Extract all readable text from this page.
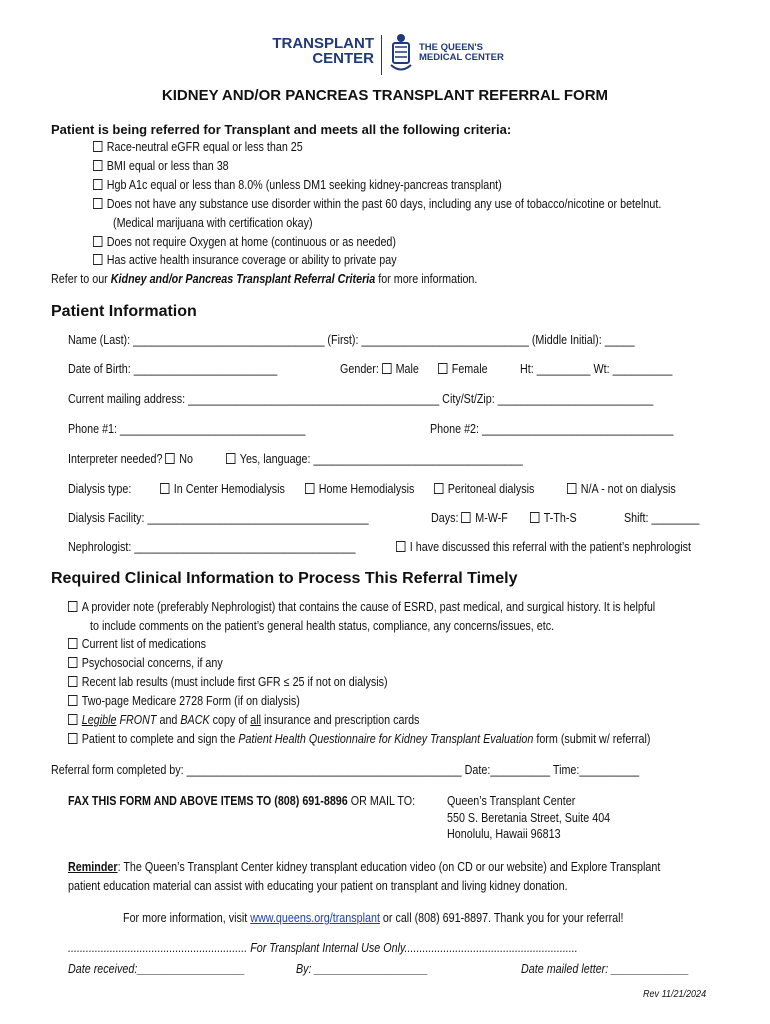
TRANSPLANT
CENTER
THE QUEEN'S
MEDICAL CENTER
KIDNEY AND/OR PANCREAS TRANSPLANT REFERRAL FORM
Patient is being referred for Transplant and meets all the following criteria:
Race-neutral eGFR equal or less than 25
BMI equal or less than 38
Hgb A1c equal or less than 8.0% (unless DM1 seeking kidney-pancreas transplant)
Does not have any substance use disorder within the past 60 days, including any use of tobacco/nicotine or betelnut.
(Medical marijuana with certification okay)
Does not require Oxygen at home (continuous or as needed)
Has active health insurance coverage or ability to private pay
Refer to our Kidney and/or Pancreas Transplant Referral Criteria for more information.
Patient Information
Name (Last): ________________________________ (First): ____________________________ (Middle Initial): _____
Date of Birth: ________________________	Gender: Male	Female	Ht: _________ Wt: __________
Current mailing address: __________________________________________ City/St/Zip: __________________________
Phone #1: _______________________________	Phone #2: ________________________________
Interpreter needed? No	Yes, language: ___________________________________
Dialysis type:	In Center Hemodialysis	Home Hemodialysis	Peritoneal dialysis	N/A - not on dialysis
Dialysis Facility: _____________________________________	Days: M-W-F	T-Th-S	Shift: ________
Nephrologist: _____________________________________	I have discussed this referral with the patient’s nephrologist
Required Clinical Information to Process This Referral Timely
A provider note (preferably Nephrologist) that contains the cause of ESRD, past medical, and surgical history. It is helpful
to include comments on the patient’s general health status, compliance, any concerns/issues, etc.
Current list of medications
Psychosocial concerns, if any
Recent lab results (must include first GFR ≤ 25 if not on dialysis)
Two-page Medicare 2728 Form (if on dialysis)
Legible FRONT and BACK copy of all insurance and prescription cards
Patient to complete and sign the Patient Health Questionnaire for Kidney Transplant Evaluation form (submit w/ referral)
Referral form completed by: ______________________________________________ Date:__________ Time:__________
FAX THIS FORM AND ABOVE ITEMS TO (808) 691-8896 OR MAIL TO:	Queen’s Transplant Center
550 S. Beretania Street, Suite 404
Honolulu, Hawaii 96813
Reminder: The Queen’s Transplant Center kidney transplant education video (on CD or our website) and Explore Transplant
patient education material can assist with educating your patient on transplant and living kidney donation.
For more information, visit www.queens.org/transplant or call (808) 691-8897. Thank you for your referral!
............................................................ For Transplant Internal Use Only..........................................................
Date received:__________________	By: ___________________	Date mailed letter: _____________
Rev 11/21/2024
